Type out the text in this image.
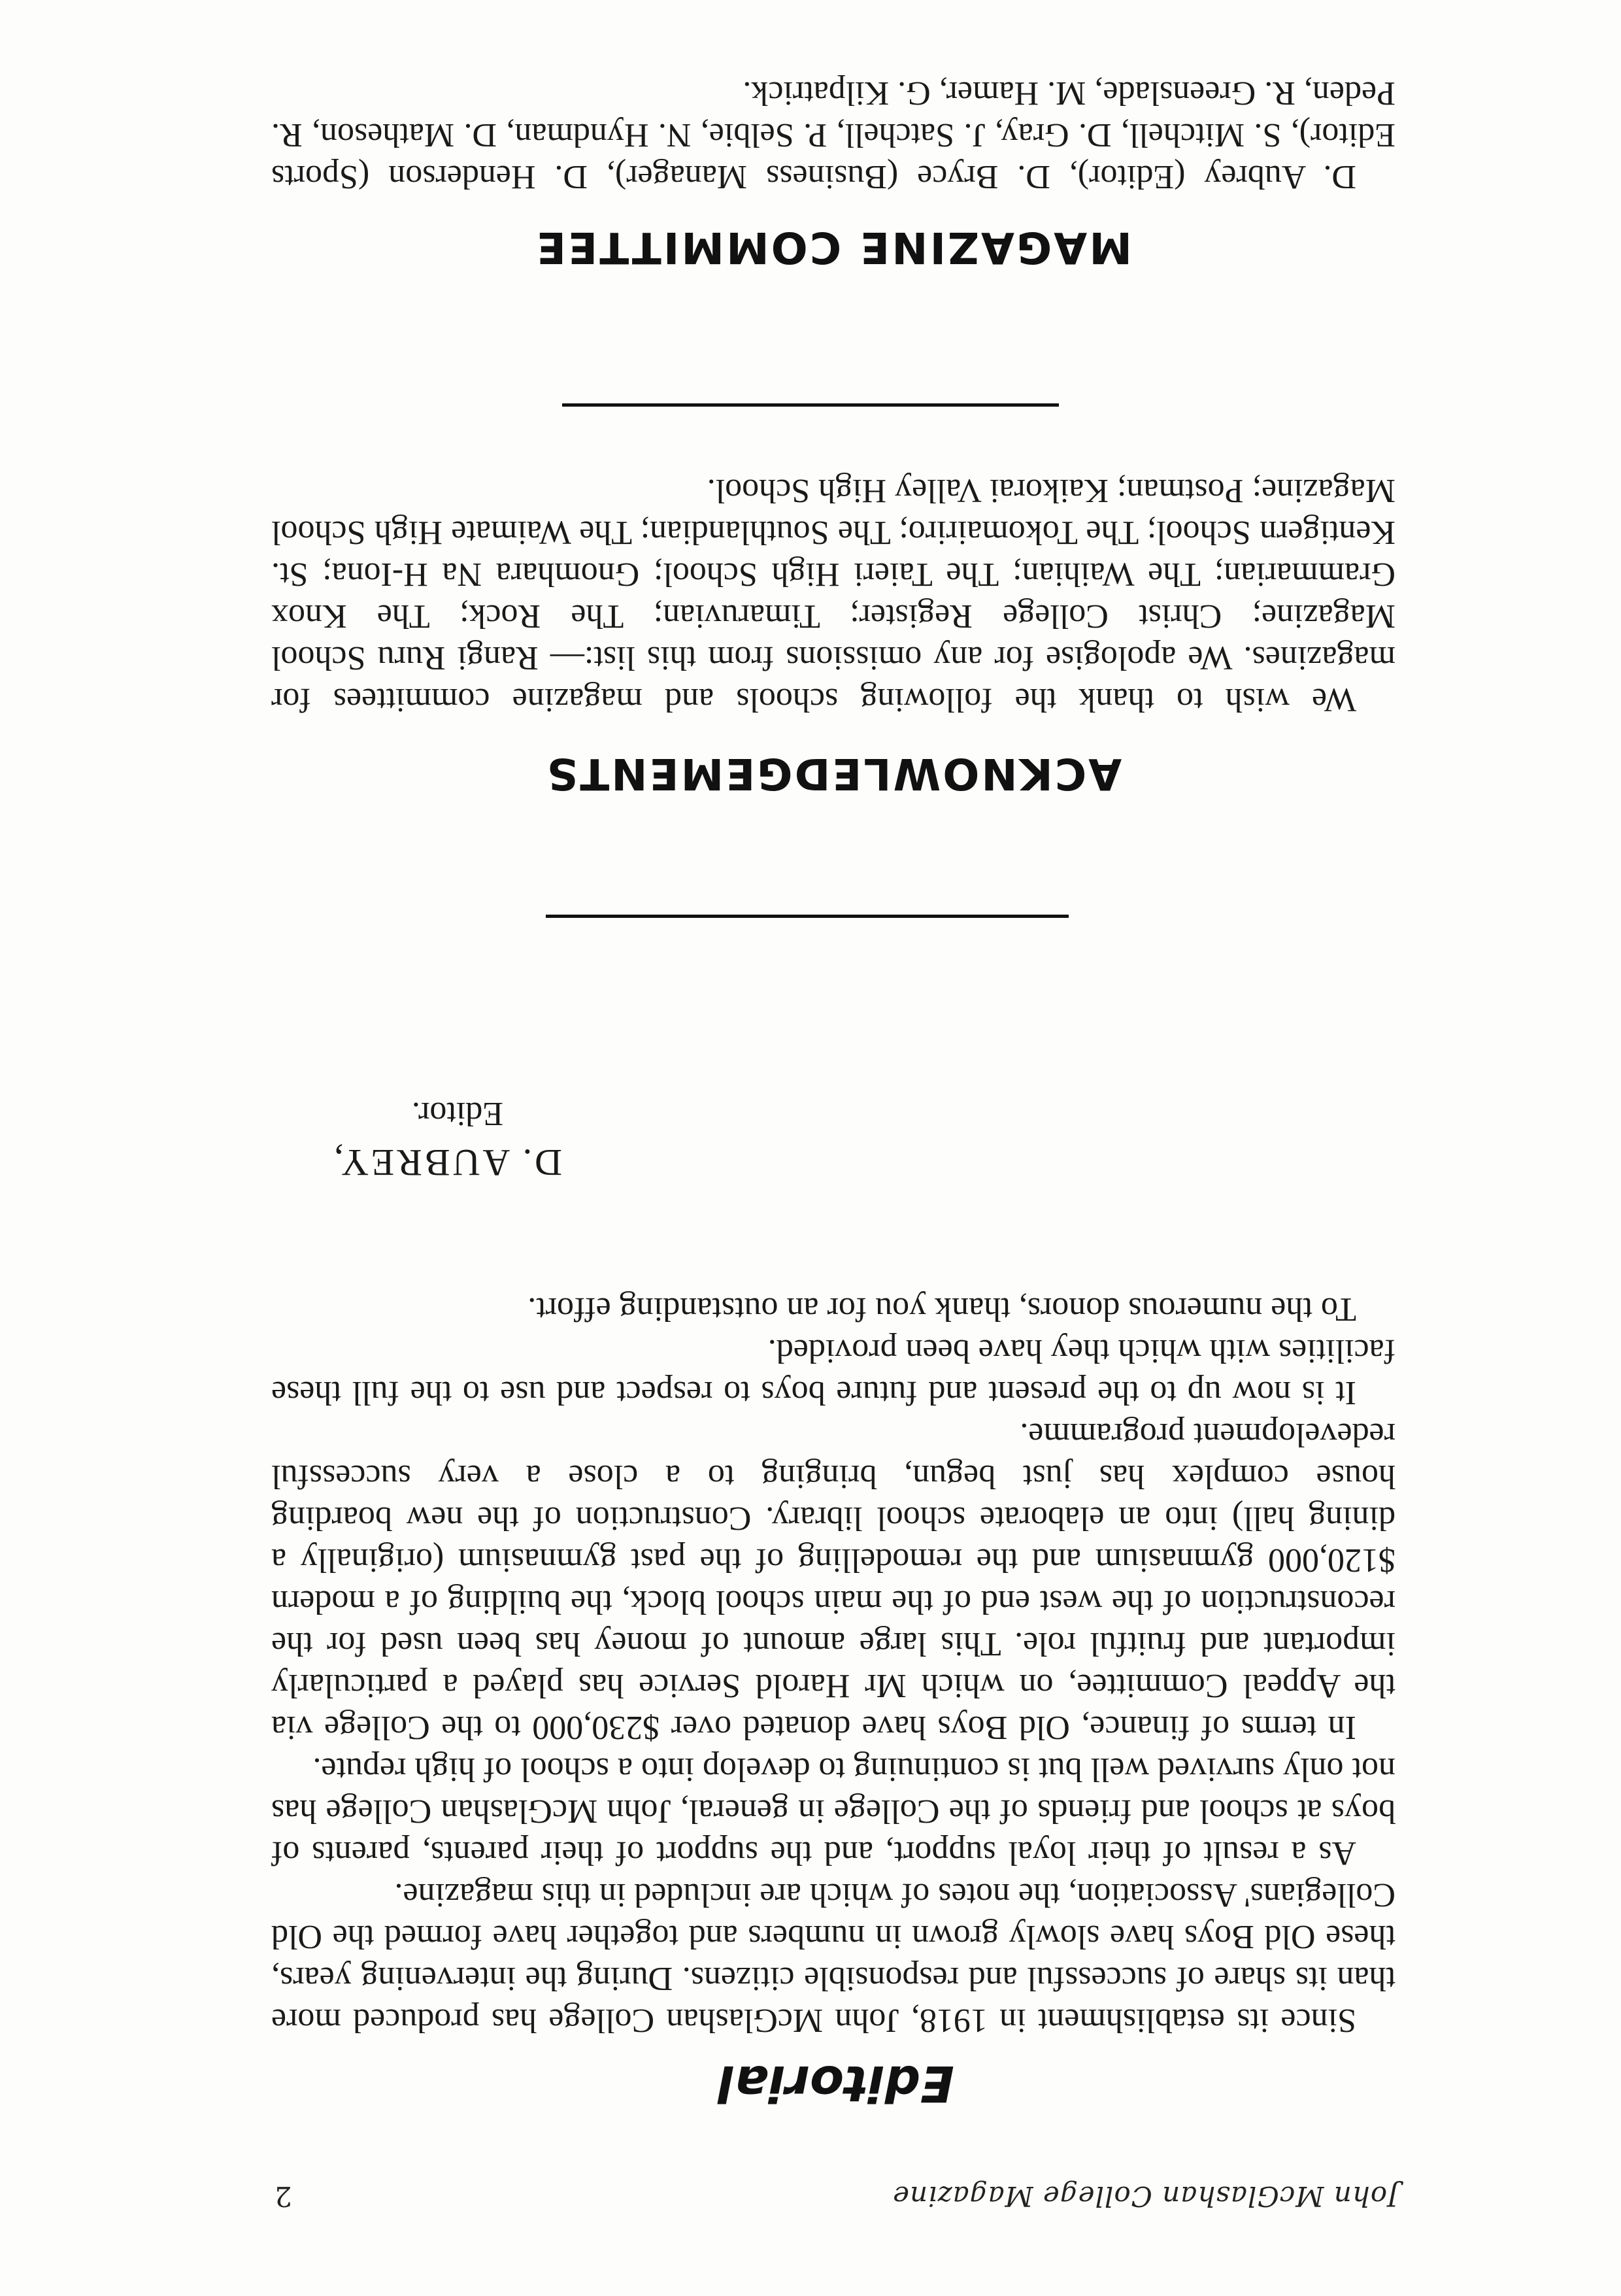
2	John McGlashan College Magazine
Editorial

Since its establishment in 1918, John McGlashan College has produced more than its share of successful and responsible citizens. During the intervening years, these Old Boys have slowly grown in numbers and together have formed the Old Collegians' Association, the notes of which are included in this magazine.

As a result of their loyal support, and the support of their parents, parents of boys at school and friends of the College in general, John McGlashan College has not only survived well but is continuing to develop into a school of high repute.

In terms of finance, Old Boys have donated over $230,000 to the College via the Appeal Committee, on which Mr Harold Service has played a particularly important and fruitful role. This large amount of money has been used for the reconstruction of the west end of the main school block, the building of a modern $120,000 gymnasium and the remodelling of the past gymnasium (originally a dining hall) into an elaborate school library. Construction of the new boarding house complex has just begun, bringing to a close a very successful redevelopment programme.

It is now up to the present and future boys to respect and use to the full these facilities with which they have been provided.

To the numerous donors, thank you for an outstanding effort.

D. AUBREY,
Editor.
ACKNOWLEDGEMENTS

We wish to thank the following schools and magazine committees for magazines. We apologise for any omissions from this list:— Rangi Ruru School Magazine; Christ College Register; Timaruvian; The Rock; The Knox Grammarian; The Waihian; The Taieri High School; Gnomhara Na H-Iona; St. Kentigern School; The Tokomairiro; The Southlandian; The Waimate High School Magazine; Postman; Kaikorai Valley High School.

MAGAZINE COMMITTEE

D. Aubrey (Editor), D. Bryce (Business Manager), D. Henderson (Sports Editor), S. Mitchell, D. Gray, J. Satchell, P. Selbie, N. Hyndman, D. Matheson, R. Peden, R. Greenslade, M. Hamer, G. Kilpatrick.
